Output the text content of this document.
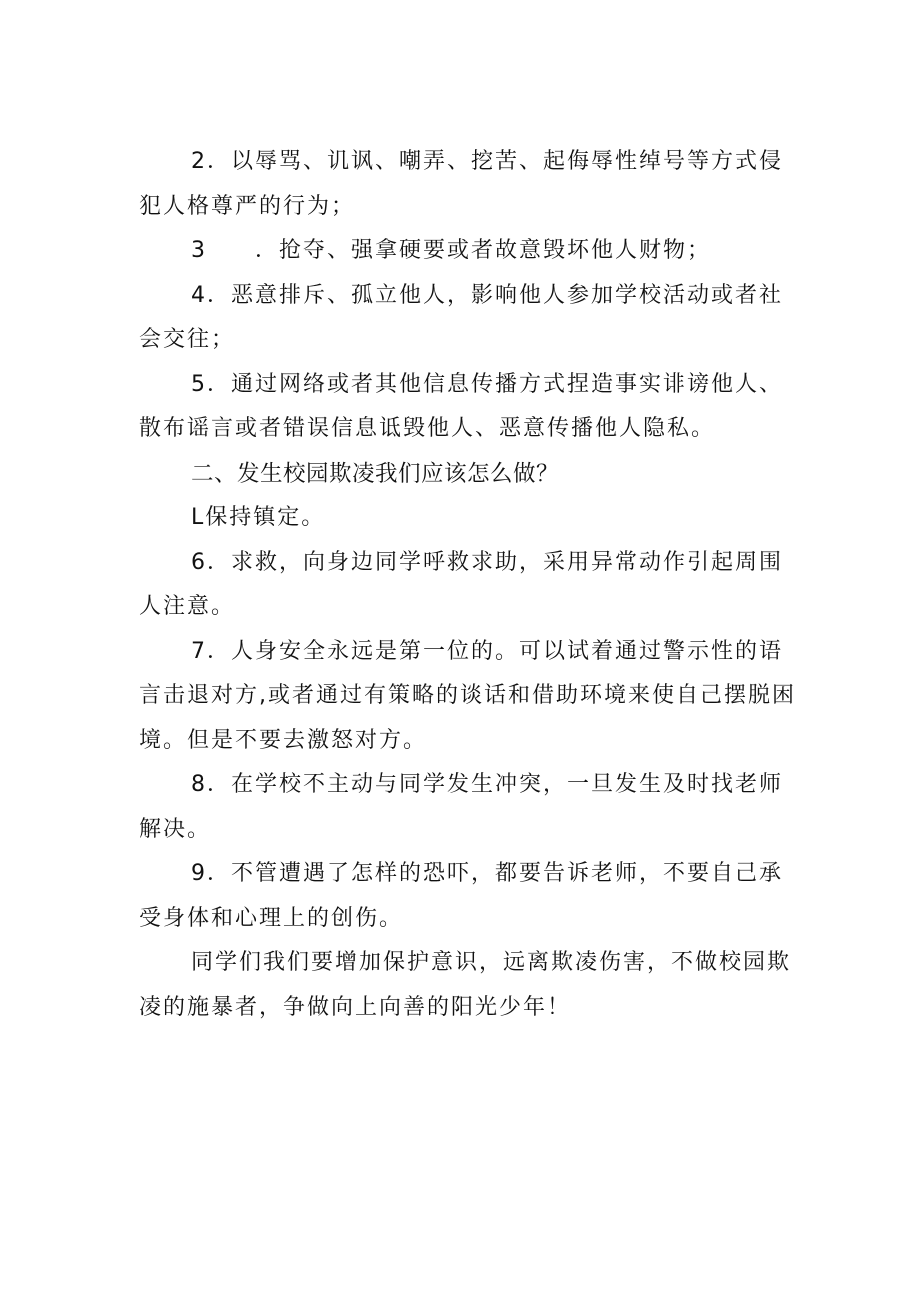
2．以辱骂、讥讽、嘲弄、挖苦、起侮辱性绰号等方式侵犯人格尊严的行为；

3　　．抢夺、强拿硬要或者故意毁坏他人财物；

4．恶意排斥、孤立他人，影响他人参加学校活动或者社会交往；

5．通过网络或者其他信息传播方式捏造事实诽谤他人、散布谣言或者错误信息诋毁他人、恶意传播他人隐私。

二、发生校园欺凌我们应该怎么做？

L保持镇定。

6．求救，向身边同学呼救求助，采用异常动作引起周围人注意。

7．人身安全永远是第一位的。可以试着通过警示性的语言击退对方,或者通过有策略的谈话和借助环境来使自己摆脱困境。但是不要去激怒对方。

8．在学校不主动与同学发生冲突，一旦发生及时找老师解决。

9．不管遭遇了怎样的恐吓，都要告诉老师，不要自己承受身体和心理上的创伤。

同学们我们要增加保护意识，远离欺凌伤害，不做校园欺凌的施暴者，争做向上向善的阳光少年！
